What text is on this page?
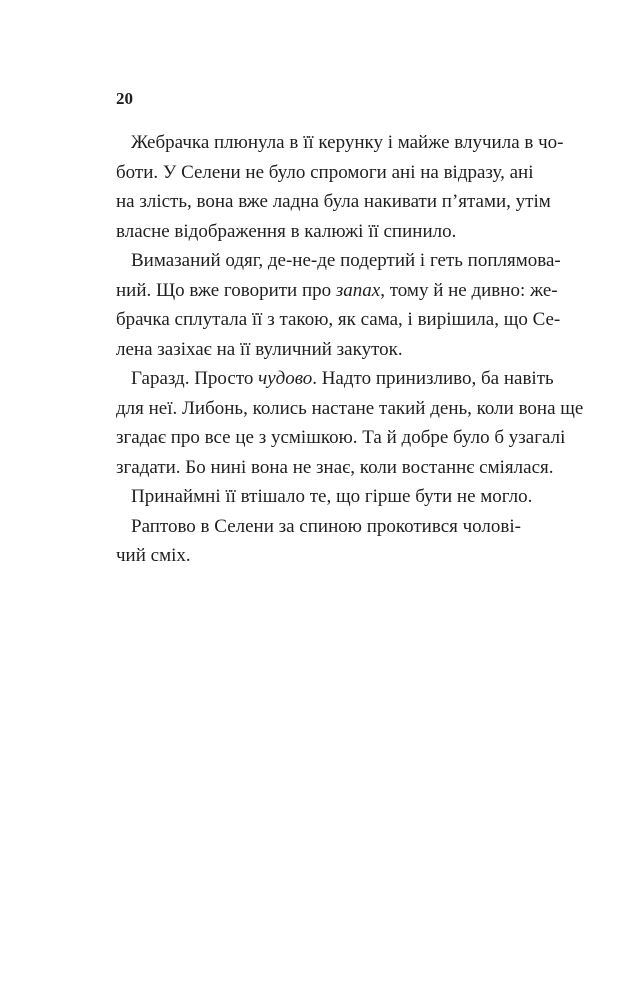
20
Жебрачка плюнула в її керунку і майже влучила в чо-
боти. У Селени не було спромоги ані на відразу, ані
на злість, вона вже ладна була накивати п’ятами, утім
власне відображення в калюжі її спинило.
Вимазаний одяг, де-не-де подертий і геть поплямова-
ний. Що вже говорити про запах, тому й не дивно: же-
брачка сплутала її з такою, як сама, і вирішила, що Се-
лена зазіхає на її вуличний закуток.
Гаразд. Просто чудово. Надто принизливо, ба навіть
для неї. Либонь, колись настане такий день, коли вона ще
згадає про все це з усмішкою. Та й добре було б узагалі
згадати. Бо нині вона не знає, коли востаннє сміялася.
Принаймні її втішало те, що гірше бути не могло.
Раптово в Селени за спиною прокотився чолові-
чий сміх.
